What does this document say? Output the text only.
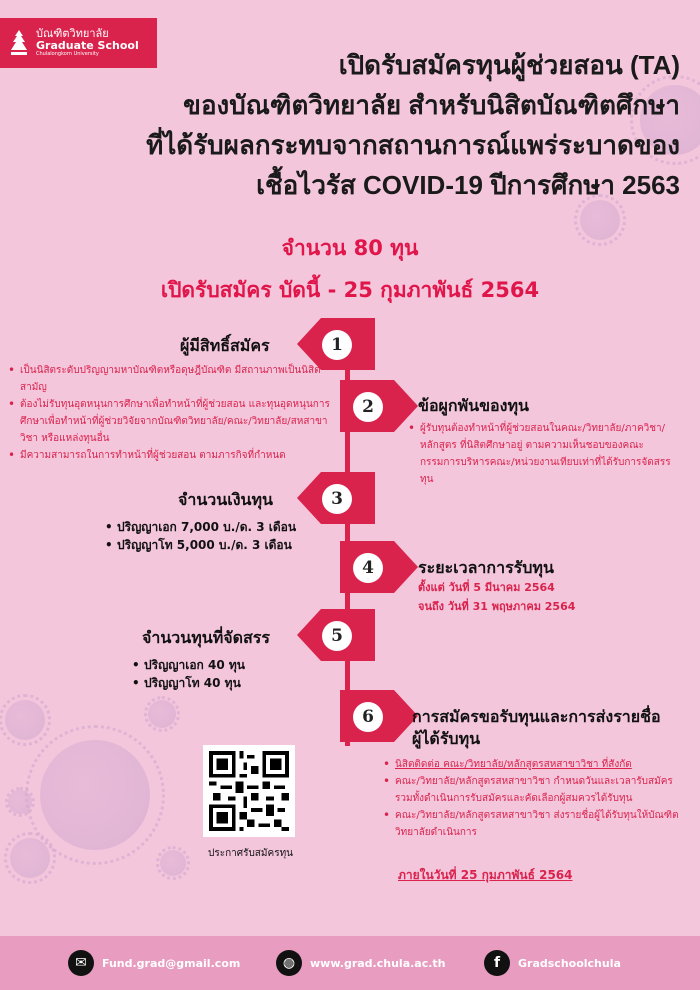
บัณฑิตวิทยาลัย
Graduate School
Chulalongkorn University	เปิดรับสมัครทุนผู้ช่วยสอน (TA)
ของบัณฑิตวิทยาลัย สำหรับนิสิตบัณฑิตศึกษา
ที่ได้รับผลกระทบจากสถานการณ์แพร่ระบาดของ
เชื้อไวรัส COVID-19 ปีการศึกษา 2563
จำนวน 80 ทุน
เปิดรับสมัคร บัดนี้ - 25 กุมภาพันธ์ 2564
1
ผู้มีสิทธิ์สมัคร
• เป็นนิสิตระดับปริญญามหาบัณฑิตหรือดุษฎีบัณฑิต มีสถานภาพเป็นนิสิตสามัญ
• ต้องไม่รับทุนอุดหนุนการศึกษาเพื่อทำหน้าที่ผู้ช่วยสอน และทุนอุดหนุนการศึกษาเพื่อทำหน้าที่ผู้ช่วยวิจัยจากบัณฑิตวิทยาลัย/คณะ/วิทยาลัย/สหสาขาวิชา หรือแหล่งทุนอื่น
• มีความสามารถในการทำหน้าที่ผู้ช่วยสอน ตามภารกิจที่กำหนด
2	ข้อผูกพันของทุน
• ผู้รับทุนต้องทำหน้าที่ผู้ช่วยสอนในคณะ/วิทยาลัย/ภาควิชา/หลักสูตร ที่นิสิตศึกษาอยู่ ตามความเห็นชอบของคณะกรรมการบริหารคณะ/หน่วยงานเทียบเท่าที่ได้รับการจัดสรรทุน
3
จำนวนเงินทุน
• ปริญญาเอก 7,000 บ./ด. 3 เดือน
• ปริญญาโท 5,000 บ./ด. 3 เดือน
4	ระยะเวลาการรับทุน
ตั้งแต่ วันที่ 5 มีนาคม 2564
จนถึง วันที่ 31 พฤษภาคม 2564
5
จำนวนทุนที่จัดสรร
• ปริญญาเอก 40 ทุน
• ปริญญาโท 40 ทุน
6	การสมัครขอรับทุนและการส่งรายชื่อ
ผู้ได้รับทุน
• นิสิตติดต่อ คณะ/วิทยาลัย/หลักสูตรสหสาขาวิชา ที่สังกัด
• คณะ/วิทยาลัย/หลักสูตรสหสาขาวิชา กำหนดวันและเวลารับสมัคร รวมทั้งดำเนินการรับสมัครและคัดเลือกผู้สมควรได้รับทุน
• คณะ/วิทยาลัย/หลักสูตรสหสาขาวิชา ส่งรายชื่อผู้ได้รับทุนให้บัณฑิตวิทยาลัยดำเนินการ
ภายในวันที่ 25 กุมภาพันธ์ 2564
ประกาศรับสมัครทุน
✉	Fund.grad@gmail.com	◍	www.grad.chula.ac.th	f	Gradschoolchula
